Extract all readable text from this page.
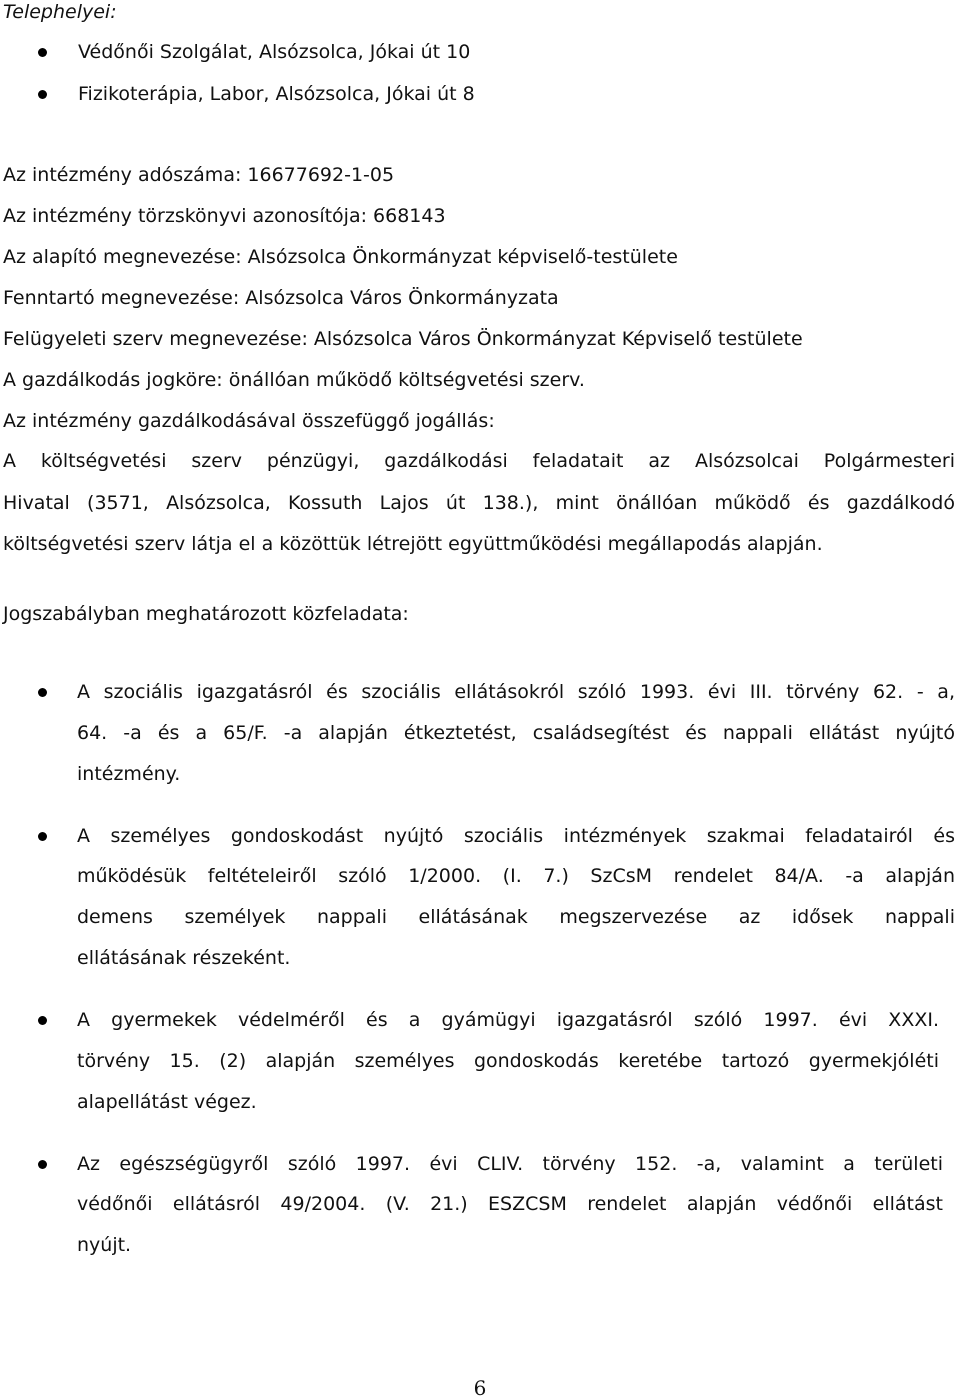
Telephelyei:
Védőnői Szolgálat, Alsózsolca, Jókai út 10
Fizikoterápia, Labor, Alsózsolca, Jókai út 8
Az intézmény adószáma: 16677692-1-05
Az intézmény törzskönyvi azonosítója: 668143
Az alapító megnevezése: Alsózsolca Önkormányzat képviselő-testülete
Fenntartó megnevezése: Alsózsolca Város Önkormányzata
Felügyeleti szerv megnevezése: Alsózsolca Város Önkormányzat Képviselő testülete
A gazdálkodás jogköre: önállóan működő költségvetési szerv.
Az intézmény gazdálkodásával összefüggő jogállás:
A költségvetési szerv pénzügyi, gazdálkodási feladatait az Alsózsolcai Polgármesteri
Hivatal (3571, Alsózsolca, Kossuth Lajos út 138.), mint önállóan működő és gazdálkodó
költségvetési szerv látja el a közöttük létrejött együttműködési megállapodás alapján.
Jogszabályban meghatározott közfeladata:
A szociális igazgatásról és szociális ellátásokról szóló 1993. évi III. törvény 62. - a,
64. -a és a 65/F. -a alapján étkeztetést, családsegítést és nappali ellátást nyújtó
intézmény.
A személyes gondoskodást nyújtó szociális intézmények szakmai feladatairól és
működésük feltételeiről szóló 1/2000. (I. 7.) SzCsM rendelet 84/A. -a alapján
demens személyek nappali ellátásának megszervezése az idősek nappali
ellátásának részeként.
A gyermekek védelméről és a gyámügyi igazgatásról szóló 1997. évi XXXI.
törvény 15. (2) alapján személyes gondoskodás keretébe tartozó gyermekjóléti
alapellátást végez.
Az egészségügyről szóló 1997. évi CLIV. törvény 152. -a, valamint a területi
védőnői ellátásról 49/2004. (V. 21.) ESZCSM rendelet alapján védőnői ellátást
nyújt.
6
